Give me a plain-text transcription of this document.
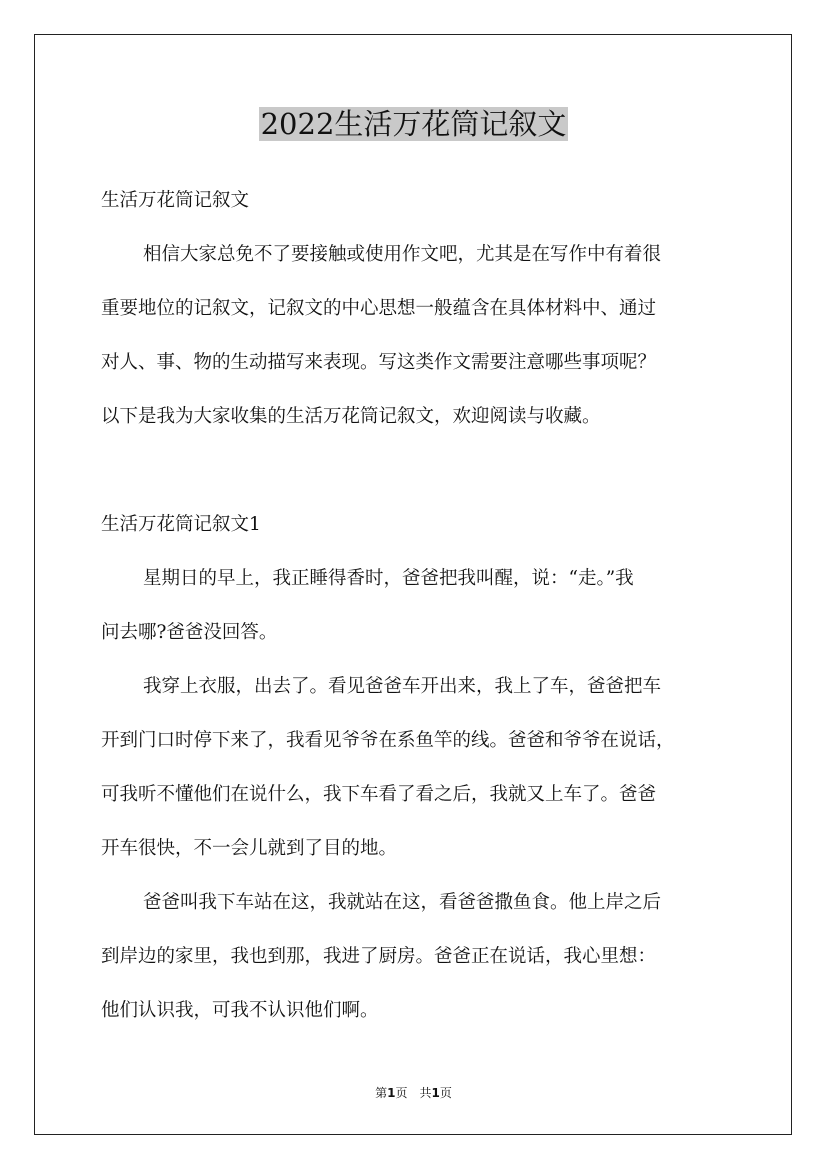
2022生活万花筒记叙文

生活万花筒记叙文

相信大家总免不了要接触或使用作文吧，尤其是在写作中有着很

重要地位的记叙文，记叙文的中心思想一般蕴含在具体材料中、通过

对人、事、物的生动描写来表现。写这类作文需要注意哪些事项呢？

以下是我为大家收集的生活万花筒记叙文，欢迎阅读与收藏。

生活万花筒记叙文1

星期日的早上，我正睡得香时，爸爸把我叫醒，说：“走。”我

问去哪?爸爸没回答。

我穿上衣服，出去了。看见爸爸车开出来，我上了车，爸爸把车

开到门口时停下来了，我看见爷爷在系鱼竿的线。爸爸和爷爷在说话，

可我听不懂他们在说什么，我下车看了看之后，我就又上车了。爸爸

开车很快，不一会儿就到了目的地。

爸爸叫我下车站在这，我就站在这，看爸爸撒鱼食。他上岸之后

到岸边的家里，我也到那，我进了厨房。爸爸正在说话，我心里想：

他们认识我，可我不认识他们啊。

第1页　共1页
